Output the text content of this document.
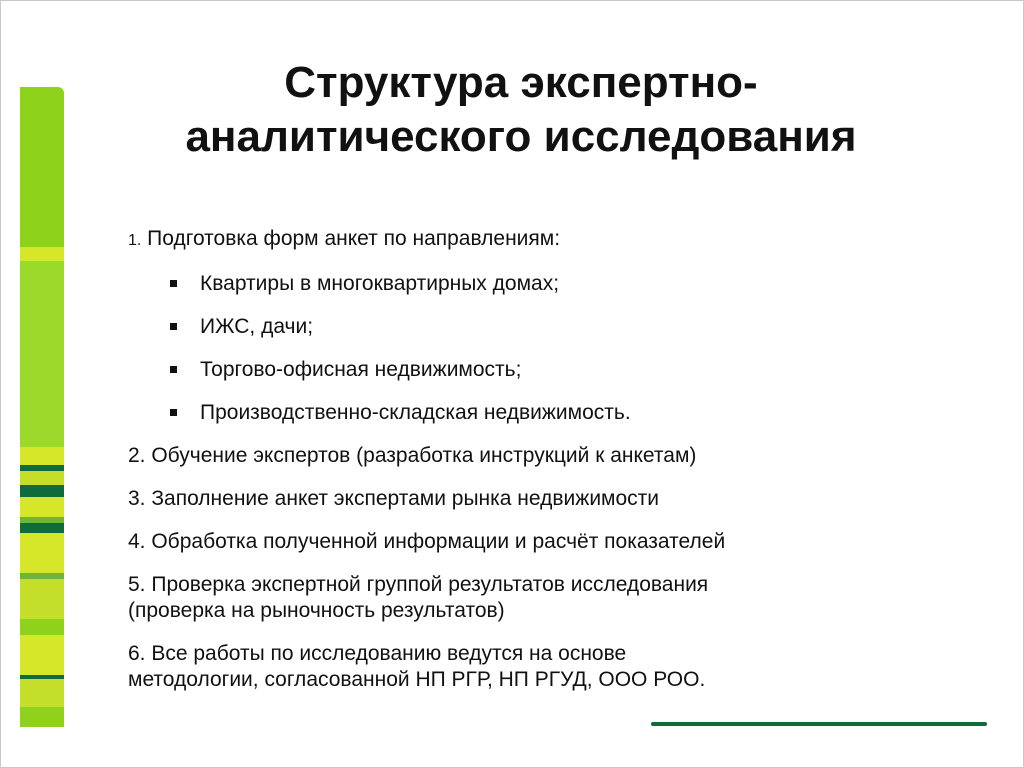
Структура экспертно-
аналитического исследования

1. Подготовка форм анкет по направлениям:

Квартиры в многоквартирных домах;
ИЖС, дачи;
Торгово-офисная недвижимость;
Производственно-складская недвижимость.

2. Обучение экспертов (разработка инструкций к анкетам)

3. Заполнение анкет экспертами рынка недвижимости

4. Обработка полученной информации и расчёт показателей

5. Проверка экспертной группой результатов исследования

(проверка на рыночность результатов)

6. Все работы по исследованию ведутся на основе

методологии, согласованной НП РГР, НП РГУД, ООО РОО.
